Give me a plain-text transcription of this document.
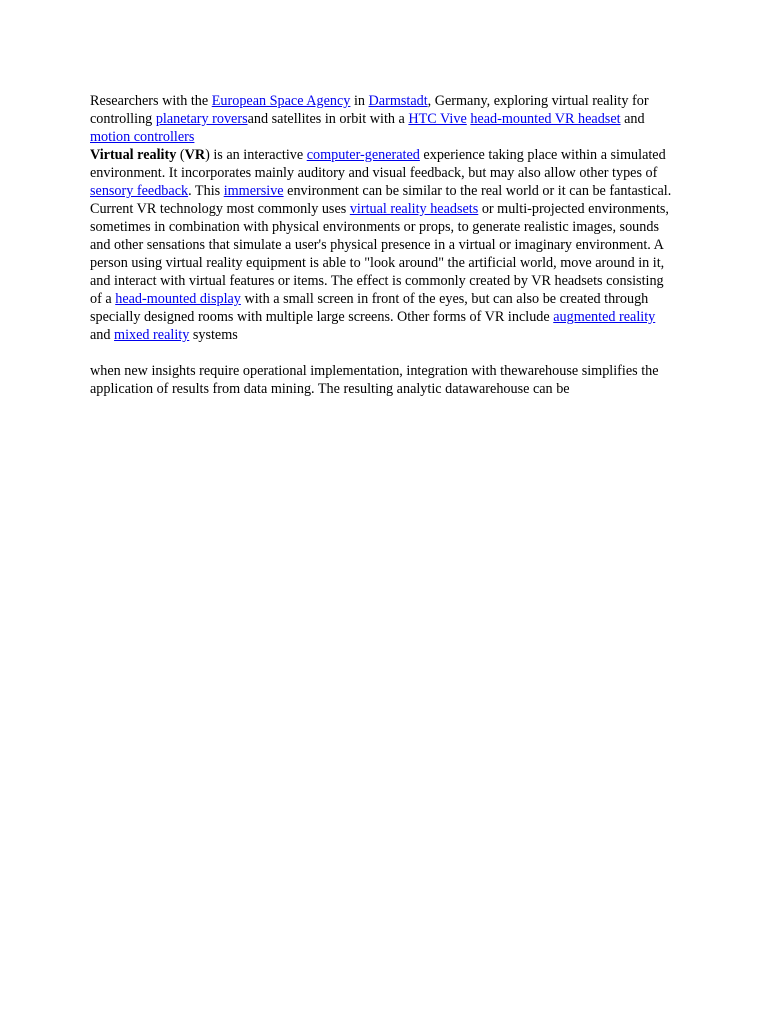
Researchers with the European Space Agency in Darmstadt, Germany, exploring virtual reality for controlling planetary roversand satellites in orbit with a HTC Vive head-mounted VR headset and motion controllers

Virtual reality (VR) is an interactive computer-generated experience taking place within a simulated environment. It incorporates mainly auditory and visual feedback, but may also allow other types of sensory feedback. This immersive environment can be similar to the real world or it can be fantastical.

Current VR technology most commonly uses virtual reality headsets or multi-projected environments, sometimes in combination with physical environments or props, to generate realistic images, sounds and other sensations that simulate a user's physical presence in a virtual or imaginary environment. A person using virtual reality equipment is able to "look around" the artificial world, move around in it, and interact with virtual features or items. The effect is commonly created by VR headsets consisting of a head-mounted display with a small screen in front of the eyes, but can also be created through specially designed rooms with multiple large screens. Other forms of VR include augmented reality and mixed reality systems

when new insights require operational implementation, integration with thewarehouse simplifies the application of results from data mining. The resulting analytic datawarehouse can be
